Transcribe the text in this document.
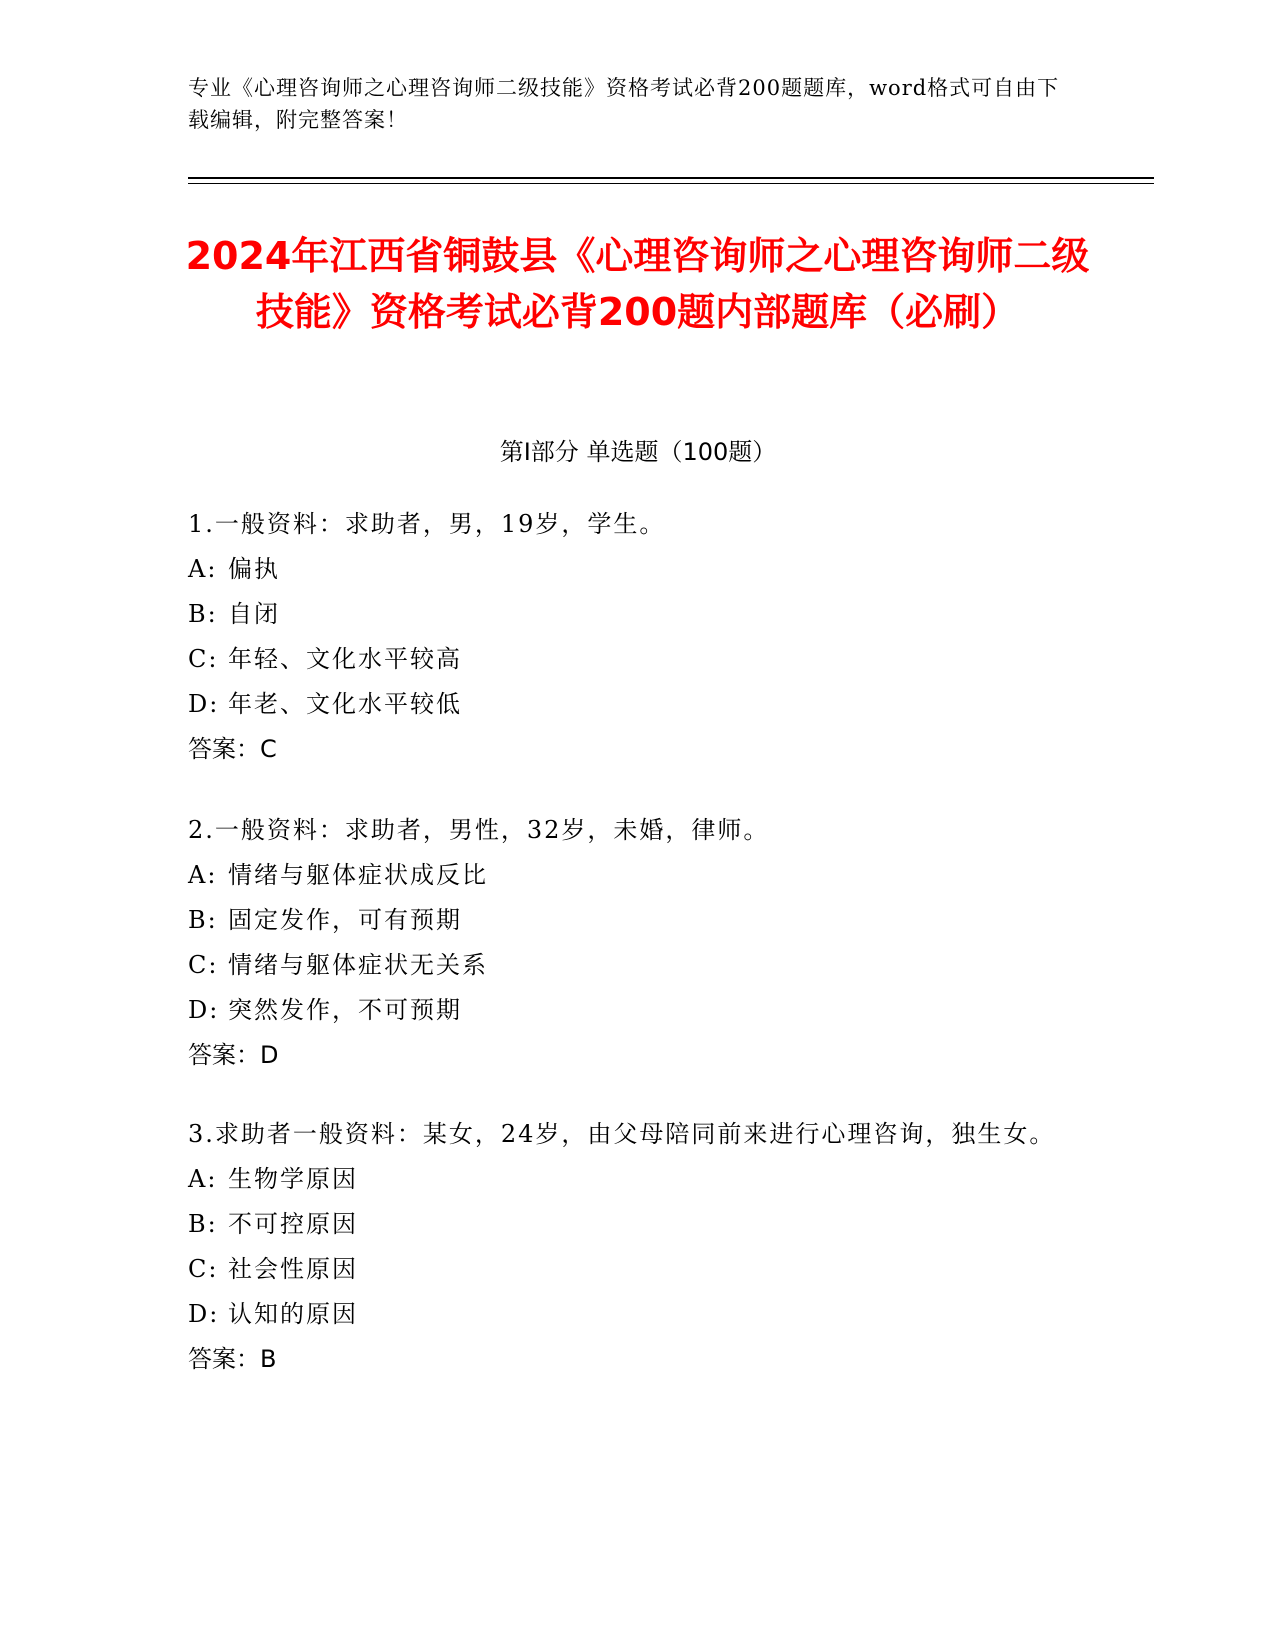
专业《心理咨询师之心理咨询师二级技能》资格考试必背200题题库，word格式可自由下载编辑，附完整答案！
2024年江西省铜鼓县《心理咨询师之心理咨询师二级技能》资格考试必背200题内部题库（必刷）
第I部分 单选题（100题）
1.一般资料：求助者，男，19岁，学生。
A: 偏执
B: 自闭
C: 年轻、文化水平较高
D: 年老、文化水平较低
答案：C
2.一般资料：求助者，男性，32岁，未婚，律师。
A: 情绪与躯体症状成反比
B: 固定发作，可有预期
C: 情绪与躯体症状无关系
D: 突然发作，不可预期
答案：D
3.求助者一般资料：某女，24岁，由父母陪同前来进行心理咨询，独生女。
A: 生物学原因
B: 不可控原因
C: 社会性原因
D: 认知的原因
答案：B
